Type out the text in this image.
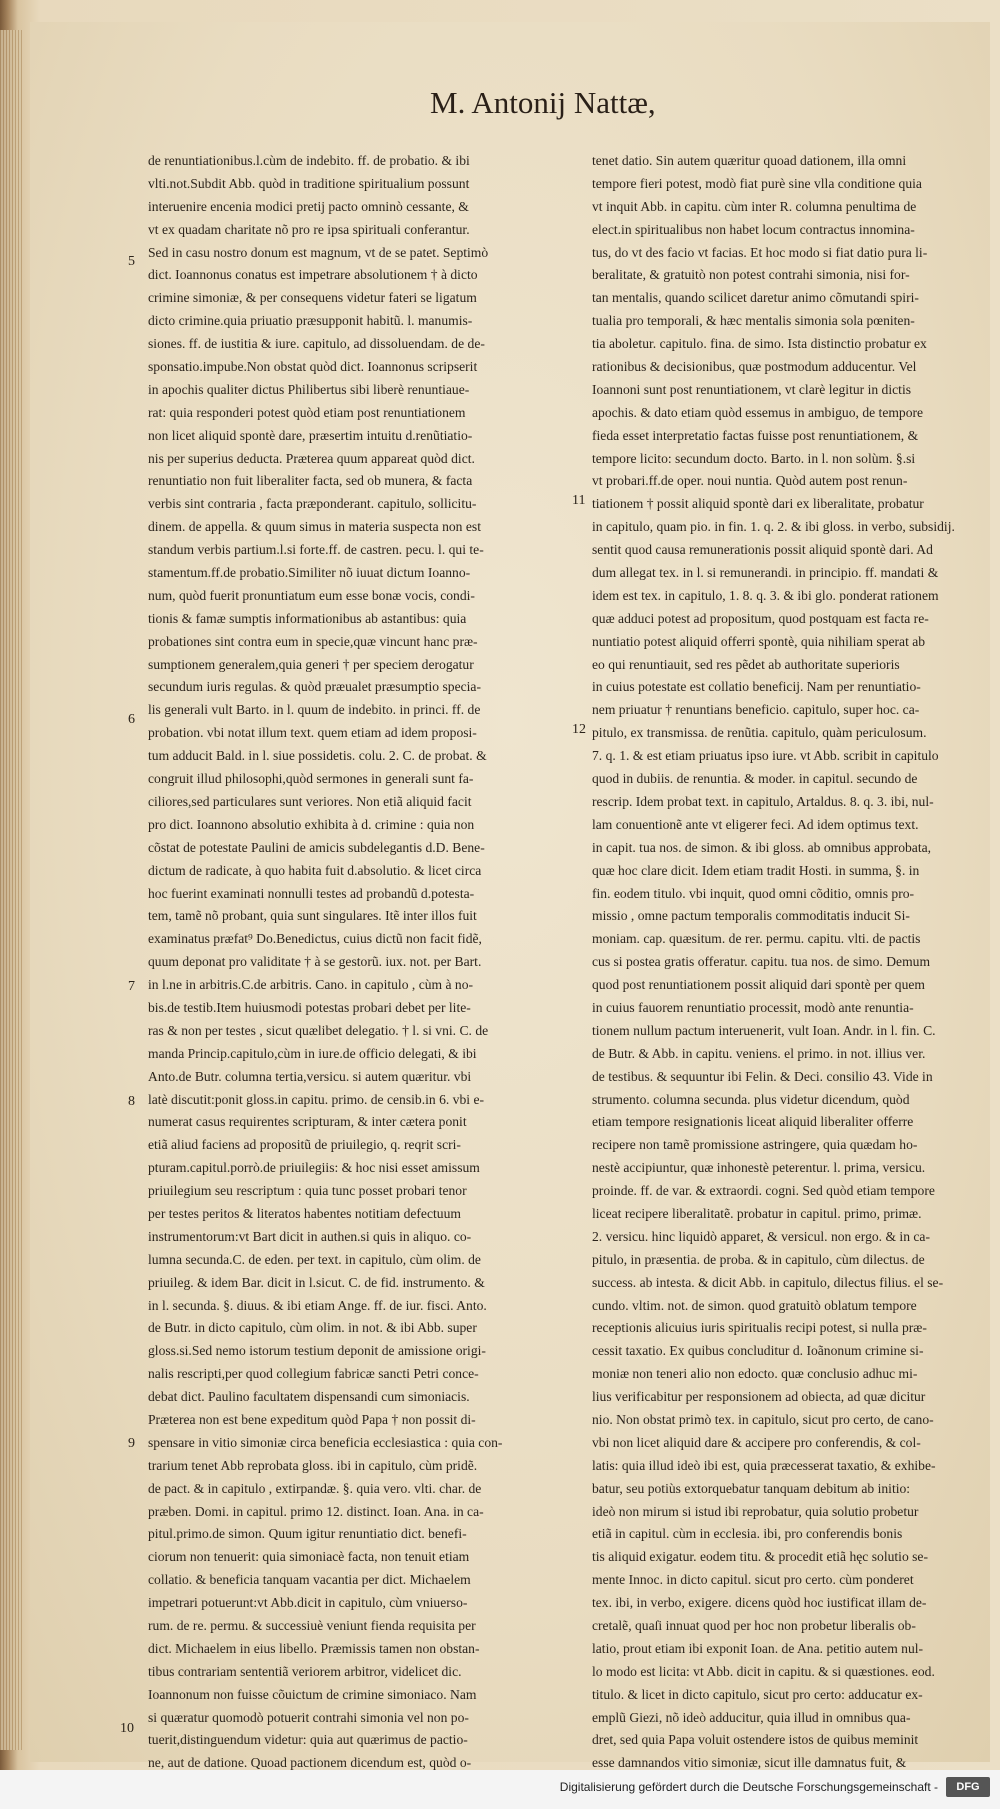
M. Antonij Nattæ,
de renuntiationibus.l.cùm de indebito. ff. de probatio. & ibi
vlti.not.Subdit Abb. quòd in traditione spiritualium possunt
interuenire encenia modici pretij pacto omninò cessante, &
vt ex quadam charitate nõ pro re ipsa spirituali conferantur.
Sed in casu nostro donum est magnum, vt de se patet. Septimò
dict. Ioannonus conatus est impetrare absolutionem † à dicto
crimine simoniæ, & per consequens videtur fateri se ligatum
dicto crimine.quia priuatio præsupponit habitũ. l. manumis-
siones. ff. de iustitia & iure. capitulo, ad dissoluendam. de de-
sponsatio.impube.Non obstat quòd dict. Ioannonus scripserit
in apochis qualiter dictus Philibertus sibi liberè renuntiaue-
rat: quia responderi potest quòd etiam post renuntiationem
non licet aliquid spontè dare, præsertim intuitu d.renũtiatio-
nis per superius deducta. Præterea quum appareat quòd dict.
renuntiatio non fuit liberaliter facta, sed ob munera, & facta
verbis sint contraria , facta præponderant. capitulo, sollicitu-
dinem. de appella. & quum simus in materia suspecta non est
standum verbis partium.l.si forte.ff. de castren. pecu. l. qui te-
stamentum.ff.de probatio.Similiter nõ iuuat dictum Ioanno-
num, quòd fuerit pronuntiatum eum esse bonæ vocis, condi-
tionis & famæ sumptis informationibus ab astantibus: quia
probationes sint contra eum in specie,quæ vincunt hanc præ-
sumptionem generalem,quia generi † per speciem derogatur
secundum iuris regulas. & quòd præualet præsumptio specia-
lis generali vult Barto. in l. quum de indebito. in princi. ff. de
probation. vbi notat illum text. quem etiam ad idem proposi-
tum adducit Bald. in l. siue possidetis. colu. 2. C. de probat. &
congruit illud philosophi,quòd sermones in generali sunt fa-
ciliores,sed particulares sunt veriores. Non etiã aliquid facit
pro dict. Ioannono absolutio exhibita à d. crimine : quia non
cõstat de potestate Paulini de amicis subdelegantis d.D. Bene-
dictum de radicate, à quo habita fuit d.absolutio. & licet circa
hoc fuerint examinati nonnulli testes ad probandũ d.potesta-
tem, tamẽ nõ probant, quia sunt singulares. Itẽ inter illos fuit
examinatus præfat⁹ Do.Benedictus, cuius dictũ non facit fidẽ,
quum deponat pro validitate † à se gestorũ. iux. not. per Bart.
in l.ne in arbitris.C.de arbitris. Cano. in capitulo , cùm à no-
bis.de testib.Item huiusmodi potestas probari debet per lite-
ras & non per testes , sicut quælibet delegatio. † l. si vni. C. de
manda Princip.capitulo,cùm in iure.de officio delegati, & ibi
Anto.de Butr. columna tertia,versicu. si autem quæritur. vbi
latè discutit:ponit gloss.in capitu. primo. de censib.in 6. vbi e-
numerat casus requirentes scripturam, & inter cætera ponit
etiã aliud faciens ad propositũ de priuilegio, q. reqrit scri-
pturam.capitul.porrò.de priuilegiis: & hoc nisi esset amissum
priuilegium seu rescriptum : quia tunc posset probari tenor
per testes peritos & literatos habentes notitiam defectuum
instrumentorum:vt Bart dicit in authen.si quis in aliquo. co-
lumna secunda.C. de eden. per text. in capitulo, cùm olim. de
priuileg. & idem Bar. dicit in l.sicut. C. de fid. instrumento. &
in l. secunda. §. diuus. & ibi etiam Ange. ff. de iur. fisci. Anto.
de Butr. in dicto capitulo, cùm olim. in not. & ibi Abb. super
gloss.si.Sed nemo istorum testium deponit de amissione origi-
nalis rescripti,per quod collegium fabricæ sancti Petri conce-
debat dict. Paulino facultatem dispensandi cum simoniacis.
Præterea non est bene expeditum quòd Papa † non possit di-
spensare in vitio simoniæ circa beneficia ecclesiastica : quia con-
trarium tenet Abb reprobata gloss. ibi in capitulo, cùm pridẽ.
de pact. & in capitulo , extirpandæ. §. quia vero. vlti. char. de
præben. Domi. in capitul. primo 12. distinct. Ioan. Ana. in ca-
pitul.primo.de simon. Quum igitur renuntiatio dict. benefi-
ciorum non tenuerit: quia simoniacè facta, non tenuit etiam
collatio. & beneficia tanquam vacantia per dict. Michaelem
impetrari potuerunt:vt Abb.dicit in capitulo, cùm vniuerso-
rum. de re. permu. & successiuè veniunt fienda requisita per
dict. Michaelem in eius libello. Præmissis tamen non obstan-
tibus contrariam sententiã veriorem arbitror, videlicet dic.
Ioannonum non fuisse cõuictum de crimine simoniaco. Nam
si quæratur quomodò potuerit contrahi simonia vel non po-
tuerit,distinguendum videtur: quia aut quærimus de pactio-
ne, aut de datione. Quoad pactionem dicendum est, quòd o-
tenet datio. Sin autem quæritur quoad dationem, illa omni
tempore fieri potest, modò fiat purè sine vlla conditione quia
vt inquit Abb. in capitu. cùm inter R. columna penultima de
elect.in spiritualibus non habet locum contractus innomina-
tus, do vt des facio vt facias. Et hoc modo si fiat datio pura li-
beralitate, & gratuitò non potest contrahi simonia, nisi for-
tan mentalis, quando scilicet daretur animo cõmutandi spiri-
tualia pro temporali, & hæc mentalis simonia sola pœniten-
tia aboletur. capitulo. fina. de simo. Ista distinctio probatur ex
rationibus & decisionibus, quæ postmodum adducentur. Vel
Ioannoni sunt post renuntiationem, vt clarè legitur in dictis
apochis. & dato etiam quòd essemus in ambiguo, de tempore
fieda esset interpretatio factas fuisse post renuntiationem, &
tempore licito: secundum docto. Barto. in l. non solùm. §.si
vt probari.ff.de oper. noui nuntia. Quòd autem post renun-
tiationem † possit aliquid spontè dari ex liberalitate, probatur
in capitulo, quam pio. in fin. 1. q. 2. & ibi gloss. in verbo, subsidij.
sentit quod causa remunerationis possit aliquid spontè dari. Ad
dum allegat tex. in l. si remunerandi. in principio. ff. mandati &
idem est tex. in capitulo, 1. 8. q. 3. & ibi glo. ponderat rationem
quæ adduci potest ad propositum, quod postquam est facta re-
nuntiatio potest aliquid offerri spontè, quia nihiliam sperat ab
eo qui renuntiauit, sed res pẽdet ab authoritate superioris
in cuius potestate est collatio beneficij. Nam per renuntiatio-
nem priuatur † renuntians beneficio. capitulo, super hoc. ca-
pitulo, ex transmissa. de renũtia. capitulo, quàm periculosum.
7. q. 1. & est etiam priuatus ipso iure. vt Abb. scribit in capitulo
quod in dubiis. de renuntia. & moder. in capitul. secundo de
rescrip. Idem probat text. in capitulo, Artaldus. 8. q. 3. ibi, nul-
lam conuentionẽ ante vt eligerer feci. Ad idem optimus text.
in capit. tua nos. de simon. & ibi gloss. ab omnibus approbata,
quæ hoc clare dicit. Idem etiam tradit Hosti. in summa, §. in
fin. eodem titulo. vbi inquit, quod omni cõditio, omnis pro-
missio , omne pactum temporalis commoditatis inducit Si-
moniam. cap. quæsitum. de rer. permu. capitu. vlti. de pactis
cus si postea gratis offeratur. capitu. tua nos. de simo. Demum
quod post renuntiationem possit aliquid dari spontè per quem
in cuius fauorem renuntiatio processit, modò ante renuntia-
tionem nullum pactum interuenerit, vult Ioan. Andr. in l. fin. C.
de Butr. & Abb. in capitu. veniens. el primo. in not. illius ver.
de testibus. & sequuntur ibi Felin. & Deci. consilio 43. Vide in
strumento. columna secunda. plus videtur dicendum, quòd
etiam tempore resignationis liceat aliquid liberaliter offerre
recipere non tamẽ promissione astringere, quia quædam ho-
nestè accipiuntur, quæ inhonestè peterentur. l. prima, versicu.
proinde. ff. de var. & extraordi. cogni. Sed quòd etiam tempore
liceat recipere liberalitatẽ. probatur in capitul. primo, primæ.
2. versicu. hinc liquidò apparet, & versicul. non ergo. & in ca-
pitulo, in præsentia. de proba. & in capitulo, cùm dilectus. de
success. ab intesta. & dicit Abb. in capitulo, dilectus filius. el se-
cundo. vltim. not. de simon. quod gratuitò oblatum tempore
receptionis alicuius iuris spiritualis recipi potest, si nulla præ-
cessit taxatio. Ex quibus concluditur d. Ioãnonum crimine si-
moniæ non teneri alio non edocto. quæ conclusio adhuc mi-
lius verificabitur per responsionem ad obiecta, ad quæ dicitur
nio. Non obstat primò tex. in capitulo, sicut pro certo, de cano-
vbi non licet aliquid dare & accipere pro conferendis, & col-
latis: quia illud ideò ibi est, quia præcesserat taxatio, & exhibe-
batur, seu potiùs extorquebatur tanquam debitum ab initio:
ideò non mirum si istud ibi reprobatur, quia solutio probetur
etiã in capitul. cùm in ecclesia. ibi, pro conferendis bonis
tis aliquid exigatur. eodem titu. & procedit etiã hęc solutio se-
mente Innoc. in dicto capitul. sicut pro certo. cùm ponderet
tex. ibi, in verbo, exigere. dicens quòd hoc iustificat illam de-
cretalẽ, quaſi innuat quod per hoc non probetur liberalis ob-
latio, prout etiam ibi exponit Ioan. de Ana. petitio autem nul-
lo modo est licita: vt Abb. dicit in capitu. & si quæstiones. eod.
titulo. & licet in dicto capitulo, sicut pro certo: adducatur ex-
emplũ Giezi, nõ ideò adducitur, quia illud in omnibus qua-
dret, sed quia Papa voluit ostendere istos de quibus meminit
esse damnandos vitio simoniæ, sicut ille damnatus fuit, &
5
6
7
8
9
10
11
12
Digitalisierung gefördert durch die Deutsche Forschungsgemeinschaft -	DFG
